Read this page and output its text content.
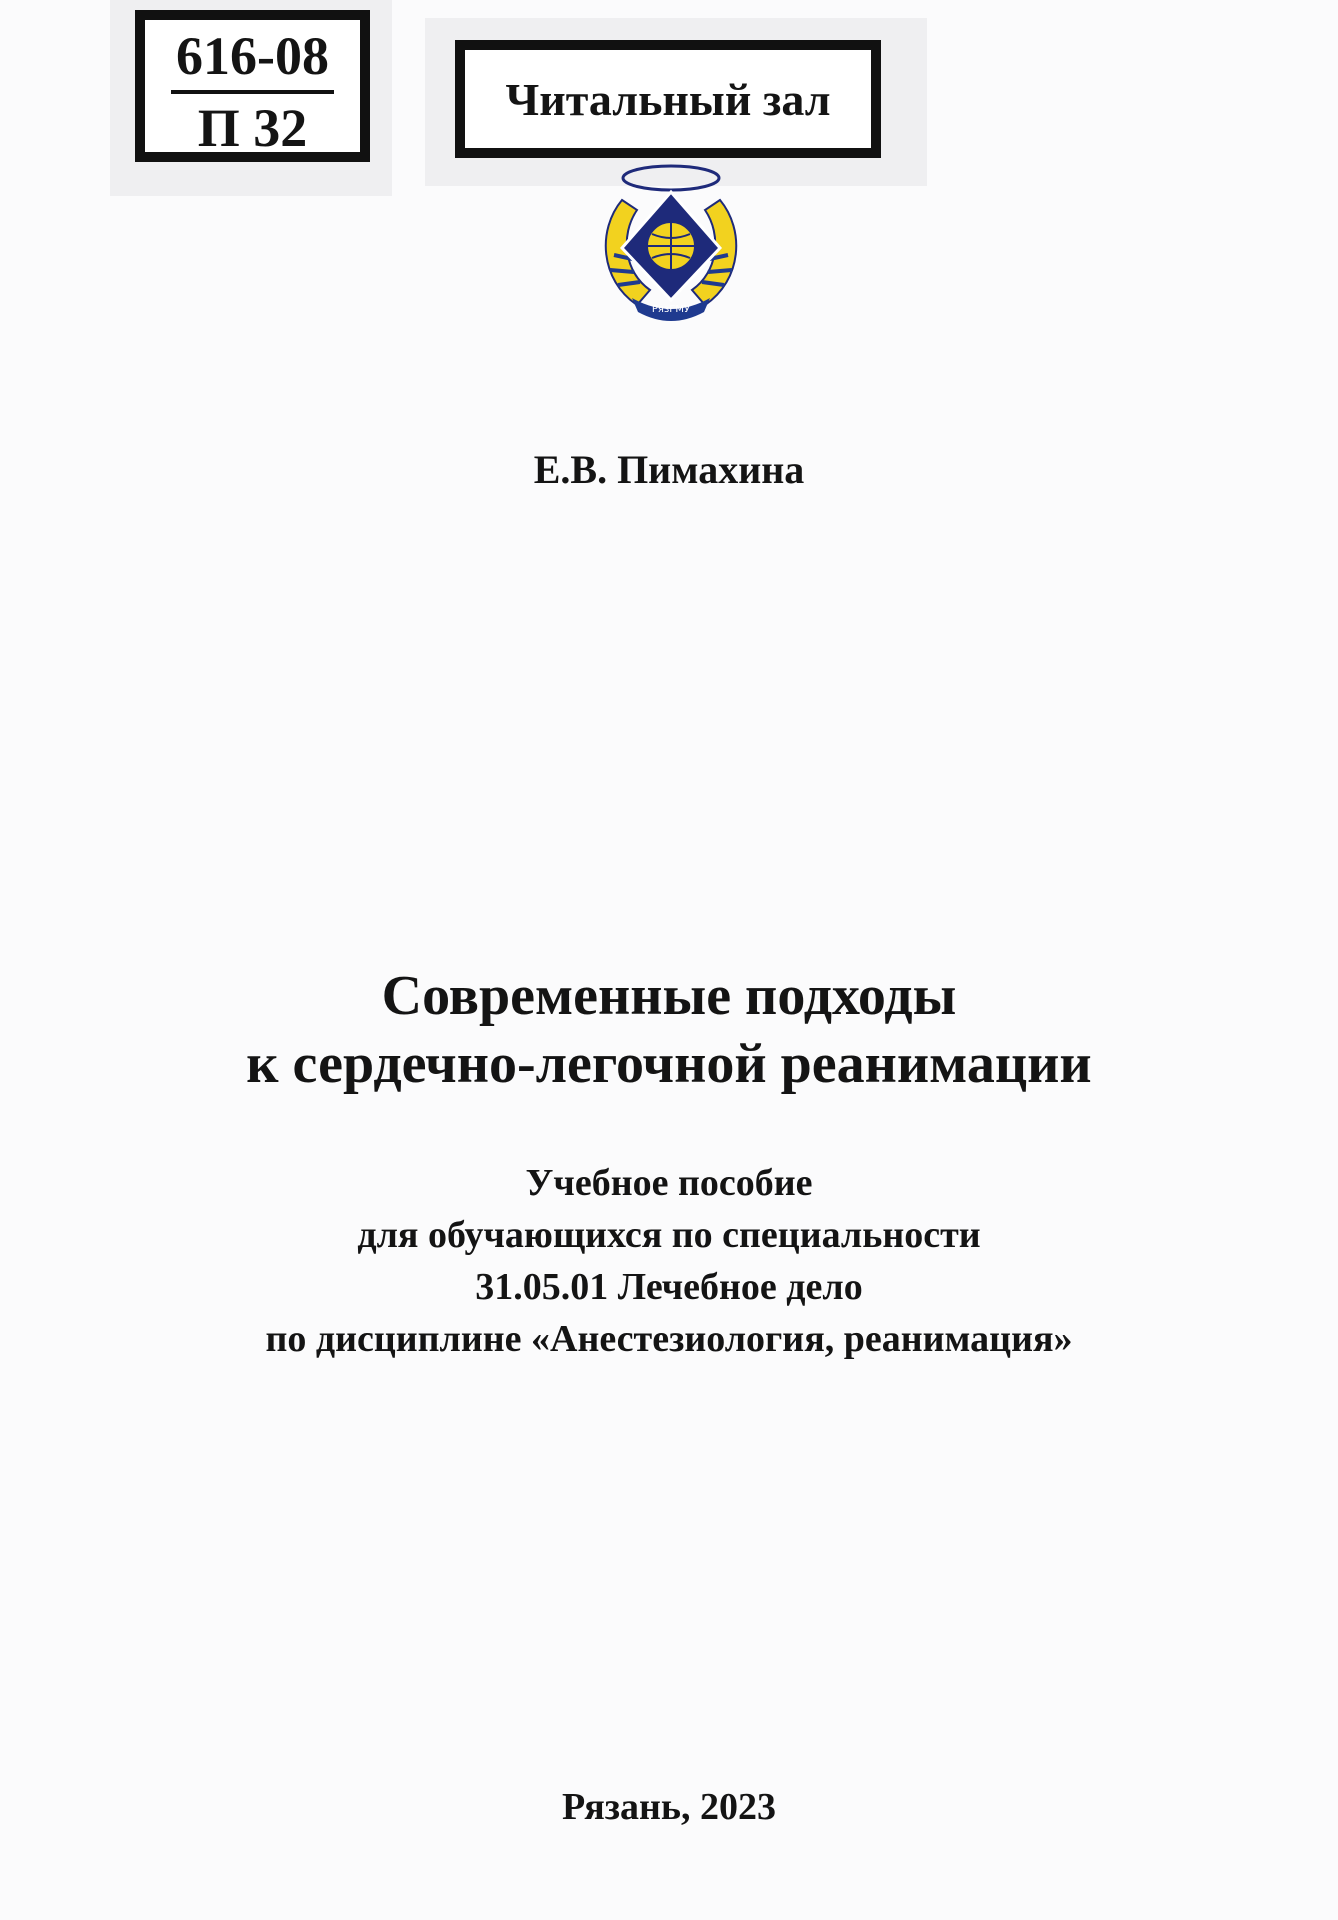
616-08
П 32	Читальный зал
РязГМУ
Е.В. Пимахина
Современные подходы
к сердечно-легочной реанимации
Учебное пособие
для обучающихся по специальности
31.05.01 Лечебное дело
по дисциплине «Анестезиология, реанимация»
Рязань, 2023
